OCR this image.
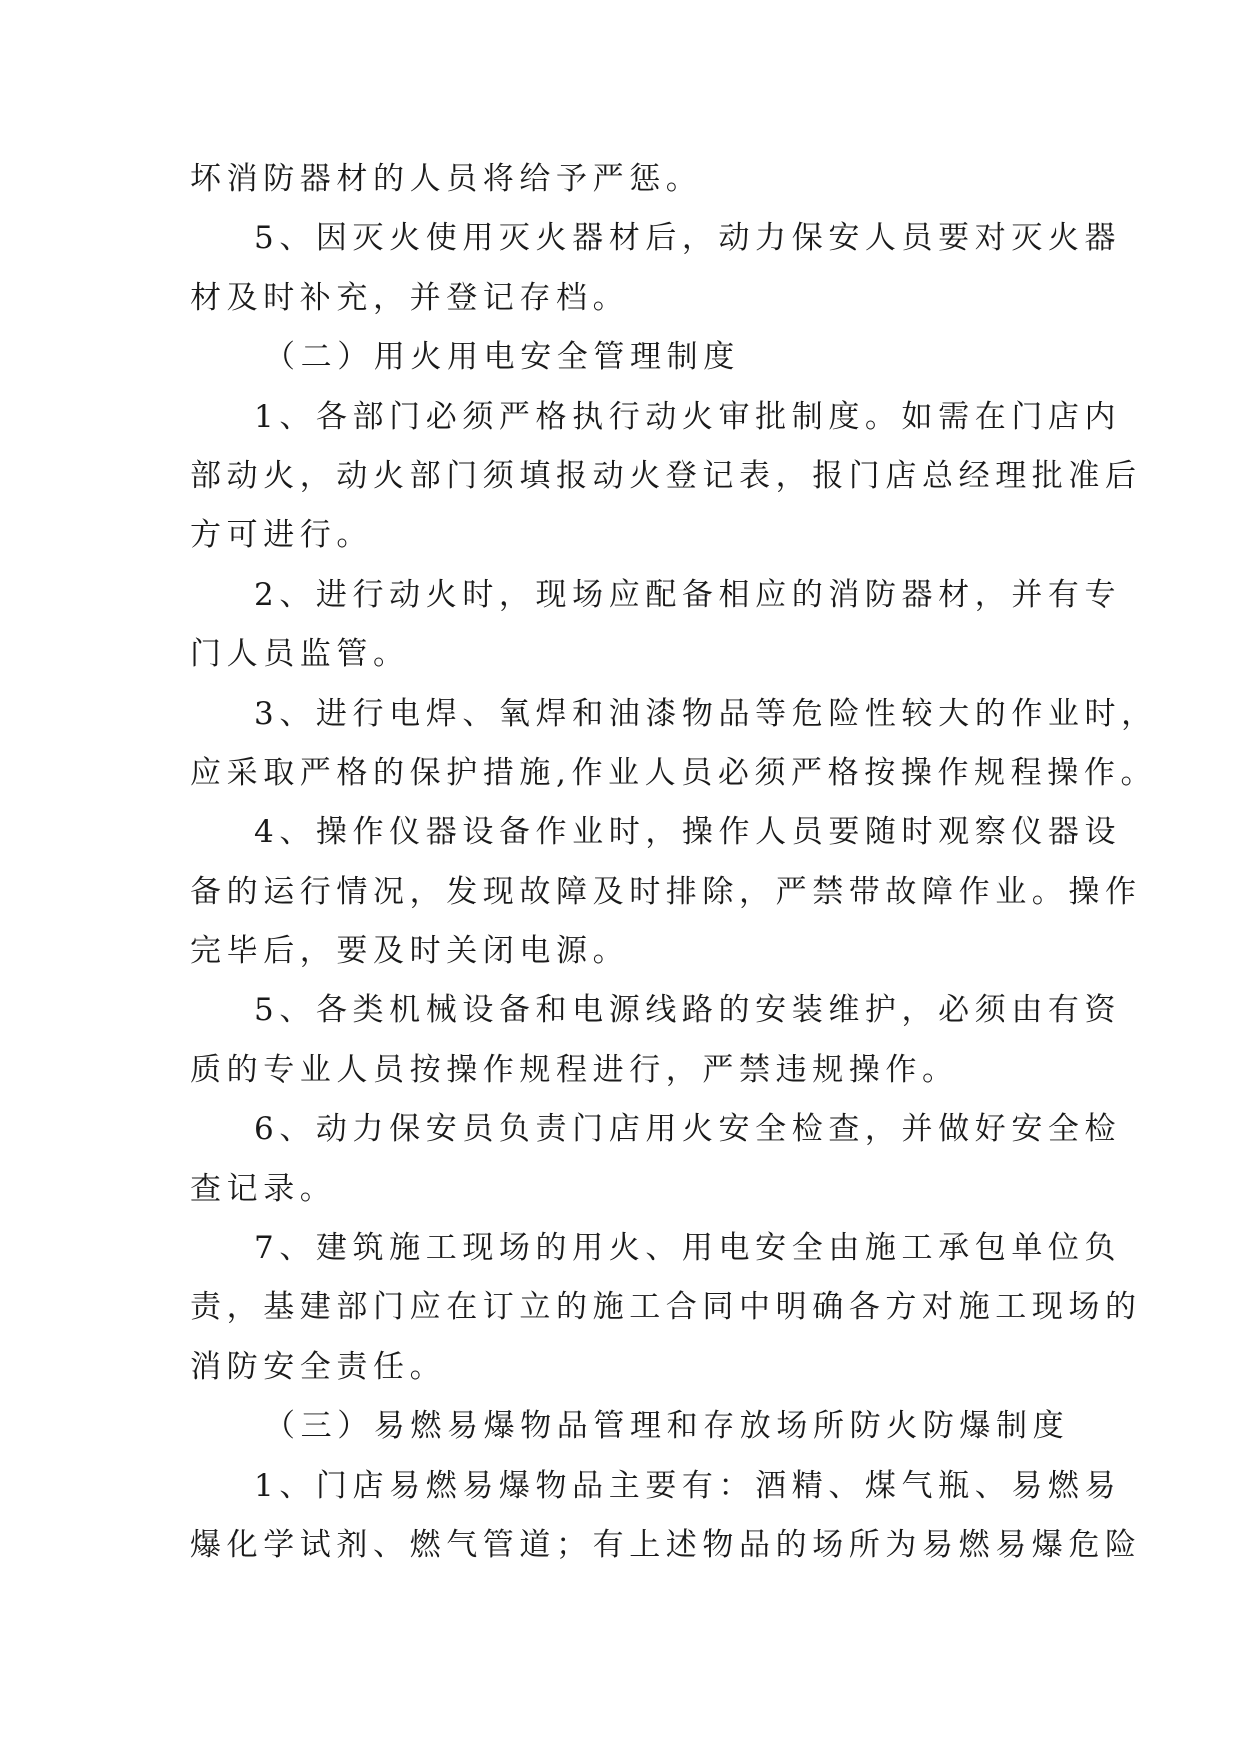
坏消防器材的人员将给予严惩。
5、因灭火使用灭火器材后，动力保安人员要对灭火器
材及时补充，并登记存档。
（二）用火用电安全管理制度
1、各部门必须严格执行动火审批制度。如需在门店内
部动火，动火部门须填报动火登记表，报门店总经理批准后
方可进行。
2、进行动火时，现场应配备相应的消防器材，并有专
门人员监管。
3、进行电焊、氧焊和油漆物品等危险性较大的作业时，
应采取严格的保护措施,作业人员必须严格按操作规程操作。
4、操作仪器设备作业时，操作人员要随时观察仪器设
备的运行情况，发现故障及时排除，严禁带故障作业。操作
完毕后，要及时关闭电源。
5、各类机械设备和电源线路的安装维护，必须由有资
质的专业人员按操作规程进行，严禁违规操作。
6、动力保安员负责门店用火安全检查，并做好安全检
查记录。
7、建筑施工现场的用火、用电安全由施工承包单位负
责，基建部门应在订立的施工合同中明确各方对施工现场的
消防安全责任。
（三）易燃易爆物品管理和存放场所防火防爆制度
1、门店易燃易爆物品主要有：酒精、煤气瓶、易燃易
爆化学试剂、燃气管道；有上述物品的场所为易燃易爆危险
